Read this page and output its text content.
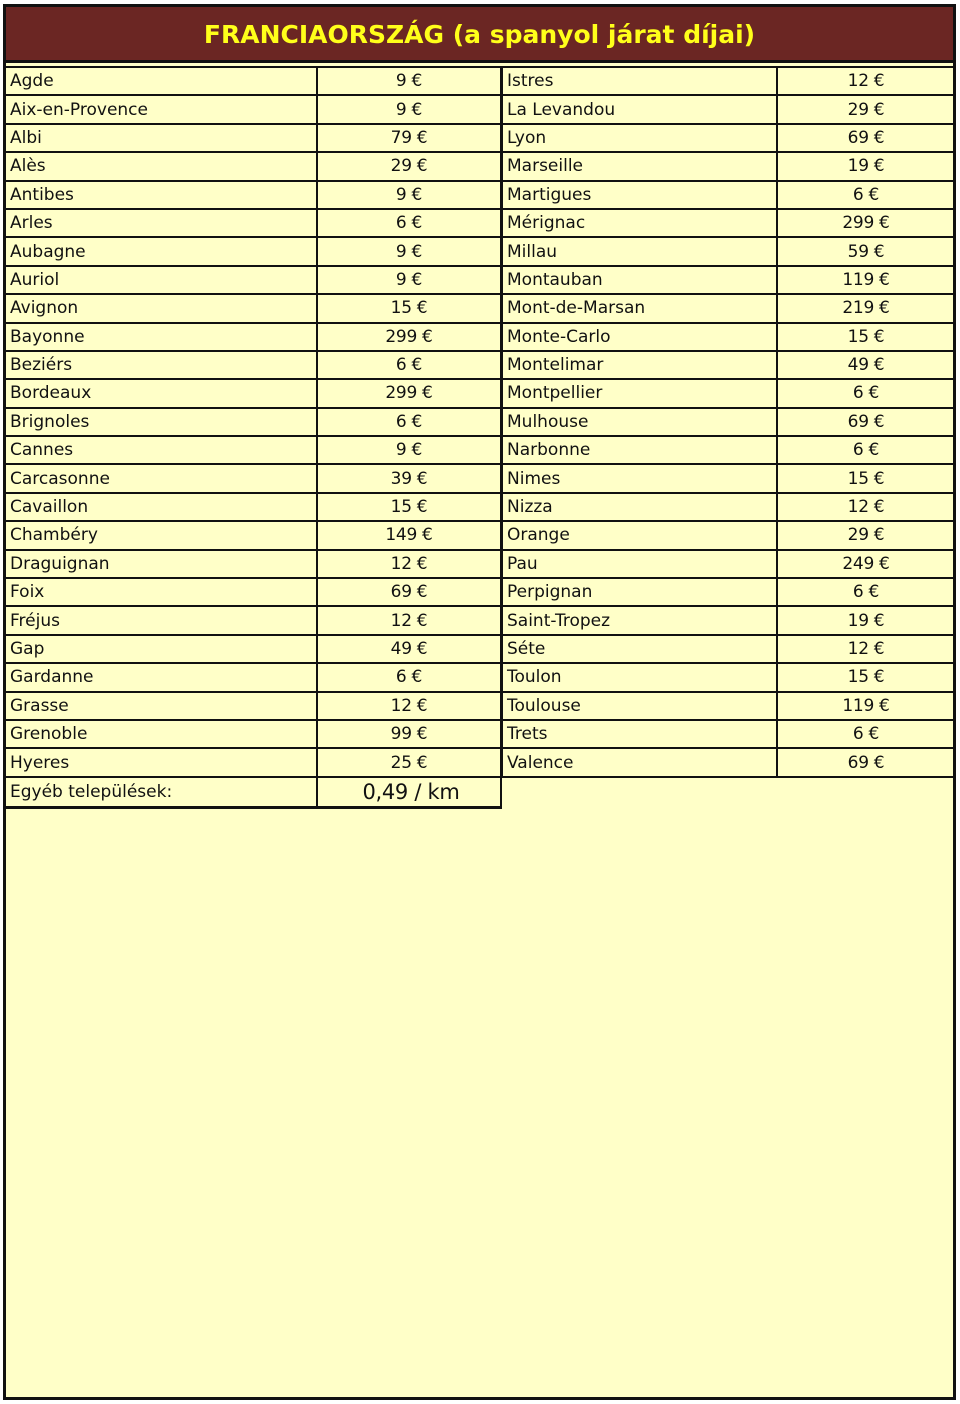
FRANCIAORSZÁG (a spanyol járat díjai)
Agde	9 €
Aix-en-Provence	9 €
Albi	79 €
Alès	29 €
Antibes	9 €
Arles	6 €
Aubagne	9 €
Auriol	9 €
Avignon	15 €
Bayonne	299 €
Beziérs	6 €
Bordeaux	299 €
Brignoles	6 €
Cannes	9 €
Carcasonne	39 €
Cavaillon	15 €
Chambéry	149 €
Draguignan	12 €
Foix	69 €
Fréjus	12 €
Gap	49 €
Gardanne	6 €
Grasse	12 €
Grenoble	99 €
Hyeres	25 €
Egyéb települések:	0,49 / km
Istres	12 €
La Levandou	29 €
Lyon	69 €
Marseille	19 €
Martigues	6 €
Mérignac	299 €
Millau	59 €
Montauban	119 €
Mont-de-Marsan	219 €
Monte-Carlo	15 €
Montelimar	49 €
Montpellier	6 €
Mulhouse	69 €
Narbonne	6 €
Nimes	15 €
Nizza	12 €
Orange	29 €
Pau	249 €
Perpignan	6 €
Saint-Tropez	19 €
Séte	12 €
Toulon	15 €
Toulouse	119 €
Trets	6 €
Valence	69 €
